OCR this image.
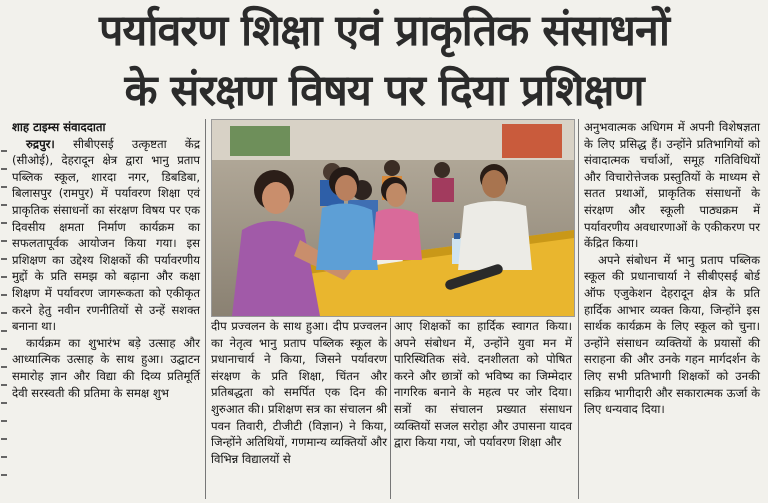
पर्यावरण शिक्षा एवं प्राकृतिक संसाधनों
के संरक्षण विषय पर दिया प्रशिक्षण

शाह टाइम्स संवाददाता

रुद्रपुर। सीबीएसई उत्कृष्टता केंद्र (सीओई), देहरादून क्षेत्र द्वारा भानु प्रताप पब्लिक स्कूल, शारदा नगर, डिबडिबा, बिलासपुर (रामपुर) में पर्यावरण शिक्षा एवं प्राकृतिक संसाधनों का संरक्षण विषय पर एक दिवसीय क्षमता निर्माण कार्यक्रम का सफलतापूर्वक आयोजन किया गया। इस प्रशिक्षण का उद्देश्य शिक्षकों की पर्यावरणीय मुद्दों के प्रति समझ को बढ़ाना और कक्षा शिक्षण में पर्यावरण जागरूकता को एकीकृत करने हेतु नवीन रणनीतियों से उन्हें सशक्त बनाना था।

कार्यक्रम का शुभारंभ बड़े उत्साह और आध्यात्मिक उत्साह के साथ हुआ। उद्घाटन समारोह ज्ञान और विद्या की दिव्य प्रतिमूर्ति देवी सरस्वती की प्रतिमा के समक्ष शुभ

दीप प्रज्वलन के साथ हुआ। दीप प्रज्वलन का नेतृत्व भानु प्रताप पब्लिक स्कूल के प्रधानाचार्य ने किया, जिसने पर्यावरण संरक्षण के प्रति शिक्षा, चिंतन और प्रतिबद्धता को समर्पित एक दिन की शुरुआत की। प्रशिक्षण सत्र का संचालन श्री पवन तिवारी, टीजीटी (विज्ञान) ने किया, जिन्होंने अतिथियों, गणमान्य व्यक्तियों और विभिन्न विद्यालयों से

आए शिक्षकों का हार्दिक स्वागत किया। अपने संबोधन में, उन्होंने युवा मन में पारिस्थितिक संवे. दनशीलता को पोषित करने और छात्रों को भविष्य का जिम्मेदार नागरिक बनाने के महत्व पर जोर दिया। सत्रों का संचालन प्रख्यात संसाधन व्यक्तियों सजल सरोहा और उपासना यादव द्वारा किया गया, जो पर्यावरण शिक्षा और

अनुभवात्मक अधिगम में अपनी विशेषज्ञता के लिए प्रसिद्ध हैं। उन्होंने प्रतिभागियों को संवादात्मक चर्चाओं, समूह गतिविधियों और विचारोत्तेजक प्रस्तुतियों के माध्यम से सतत प्रथाओं, प्राकृतिक संसाधनों के संरक्षण और स्कूली पाठ्यक्रम में पर्यावरणीय अवधारणाओं के एकीकरण पर केंद्रित किया।

अपने संबोधन में भानु प्रताप पब्लिक स्कूल की प्रधानाचार्या ने सीबीएसई बोर्ड ऑफ एजुकेशन देहरादून क्षेत्र के प्रति हार्दिक आभार व्यक्त किया, जिन्होंने इस सार्थक कार्यक्रम के लिए स्कूल को चुना। उन्होंने संसाधन व्यक्तियों के प्रयासों की सराहना की और उनके गहन मार्गदर्शन के लिए सभी प्रतिभागी शिक्षकों को उनकी सक्रिय भागीदारी और सकारात्मक ऊर्जा के लिए धन्यवाद दिया।
